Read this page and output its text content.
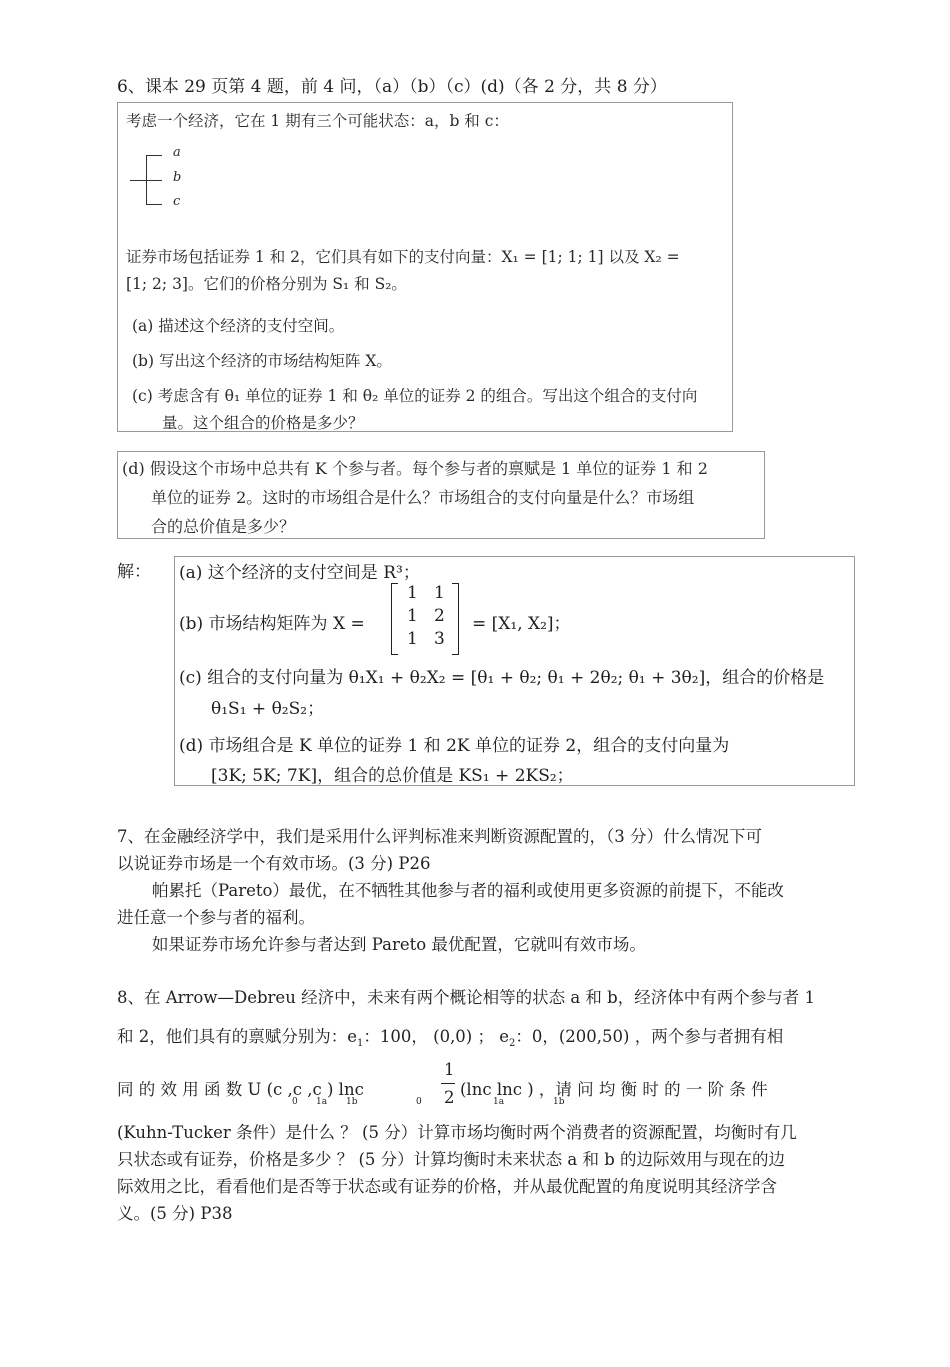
6、课本 29 页第 4 题，前 4 问，（a）（b）（c）(d)（各 2 分，共 8 分）
考虑一个经济，它在 1 期有三个可能状态：a，b 和 c：
a
b
c
证券市场包括证券 1 和 2，它们具有如下的支付向量：X₁ = [1; 1; 1] 以及 X₂ =
[1; 2; 3]。它们的价格分别为 S₁ 和 S₂。
(a) 描述这个经济的支付空间。
(b) 写出这个经济的市场结构矩阵 X。
(c) 考虑含有 θ₁ 单位的证券 1 和 θ₂ 单位的证券 2 的组合。写出这个组合的支付向
量。这个组合的价格是多少？
(d) 假设这个市场中总共有 K 个参与者。每个参与者的禀赋是 1 单位的证券 1 和 2
单位的证券 2。这时的市场组合是什么？市场组合的支付向量是什么？市场组
合的总价值是多少？
解： (a) 这个经济的支付空间是 R³；
(b) 市场结构矩阵为 X =
1 1
1 2
1 3
= [X₁, X₂]；
(c) 组合的支付向量为 θ₁X₁ + θ₂X₂ = [θ₁ + θ₂; θ₁ + 2θ₂; θ₁ + 3θ₂]，组合的价格是
θ₁S₁ + θ₂S₂；
(d) 市场组合是 K 单位的证券 1 和 2K 单位的证券 2，组合的支付向量为
[3K; 5K; 7K]，组合的总价值是 KS₁ + 2KS₂；
7、在金融经济学中，我们是采用什么评判标准来判断资源配置的，（3 分）什么情况下可
以说证券市场是一个有效市场。(3 分) P26
帕累托（Pareto）最优，在不牺牲其他参与者的福利或使用更多资源的前提下，不能改
进任意一个参与者的福利。
如果证券市场允许参与者达到 Pareto 最优配置，它就叫有效市场。
8、在 Arrow—Debreu 经济中，未来有两个概论相等的状态 a 和 b，经济体中有两个参与者 1
和 2，他们具有的禀赋分别为：$e_1$：100， (0,0) ； $e_2$：0，(200,50) ，两个参与者拥有相
同 的 效 用 函 数 U (c ,c ,c ) lnc
0 1a 1b	0
1
2 (lnc lnc ) ，请 问 均 衡 时 的 一 阶 条 件
1a	1b
(Kuhn-Tucker 条件）是什么 ？ (5 分）计算市场均衡时两个消费者的资源配置，均衡时有几
只状态或有证券，价格是多少 ？ (5 分）计算均衡时未来状态 a 和 b 的边际效用与现在的边
际效用之比，看看他们是否等于状态或有证券的价格，并从最优配置的角度说明其经济学含
义。(5 分) P38
